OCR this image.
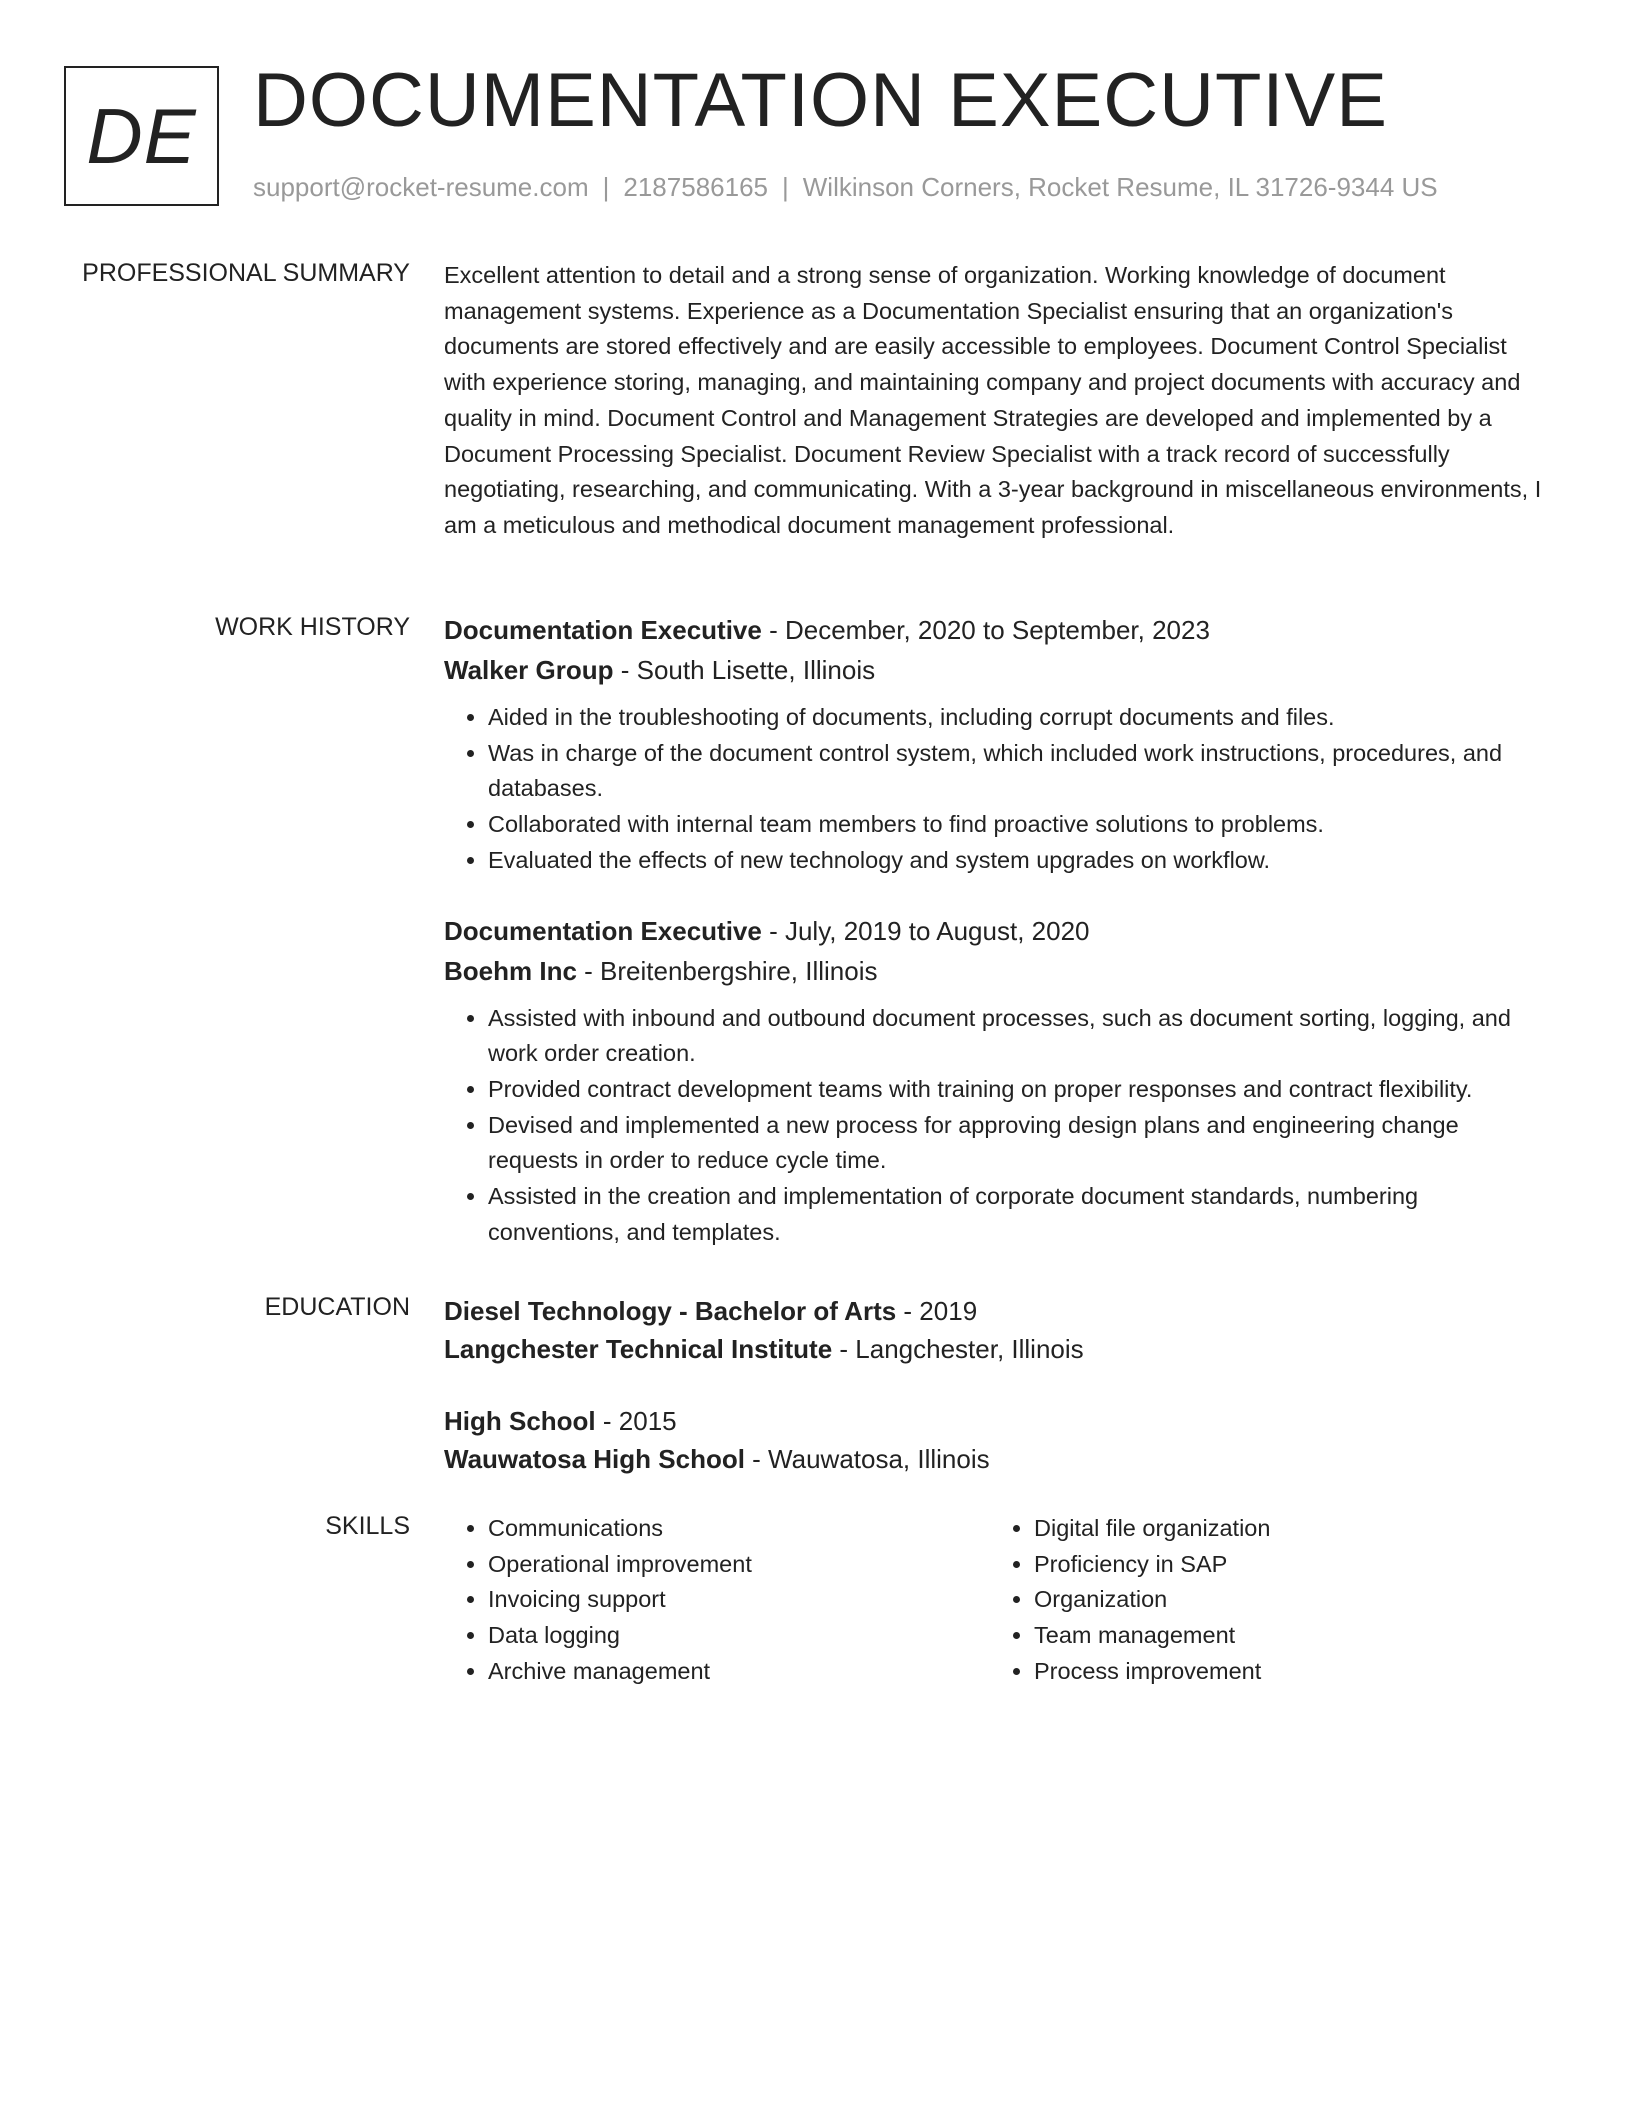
DE DOCUMENTATION EXECUTIVE
support@rocket-resume.com | 2187586165 | Wilkinson Corners, Rocket Resume, IL 31726-9344 US
PROFESSIONAL SUMMARY Excellent attention to detail and a strong sense of organization. Working knowledge of document management systems. Experience as a Documentation Specialist ensuring that an organization's documents are stored effectively and are easily accessible to employees. Document Control Specialist with experience storing, managing, and maintaining company and project documents with accuracy and quality in mind. Document Control and Management Strategies are developed and implemented by a Document Processing Specialist. Document Review Specialist with a track record of successfully negotiating, researching, and communicating. With a 3-year background in miscellaneous environments, I am a meticulous and methodical document management professional.

WORK HISTORY Documentation Executive - December, 2020 to September, 2023
Walker Group - South Lisette, Illinois
• Aided in the troubleshooting of documents, including corrupt documents and files.
• Was in charge of the document control system, which included work instructions, procedures, and databases.
• Collaborated with internal team members to find proactive solutions to problems.
• Evaluated the effects of new technology and system upgrades on workflow.
Documentation Executive - July, 2019 to August, 2020
Boehm Inc - Breitenbergshire, Illinois
• Assisted with inbound and outbound document processes, such as document sorting, logging, and work order creation.
• Provided contract development teams with training on proper responses and contract flexibility.
• Devised and implemented a new process for approving design plans and engineering change requests in order to reduce cycle time.
• Assisted in the creation and implementation of corporate document standards, numbering conventions, and templates.
EDUCATION Diesel Technology - Bachelor of Arts - 2019
Langchester Technical Institute - Langchester, Illinois
High School - 2015
Wauwatosa High School - Wauwatosa, Illinois
SKILLS
•	Communications
• Operational improvement
• Invoicing support
• Data logging
• Archive management
• Digital file organization
• Proficiency in SAP
• Organization
• Team management
• Process improvement
